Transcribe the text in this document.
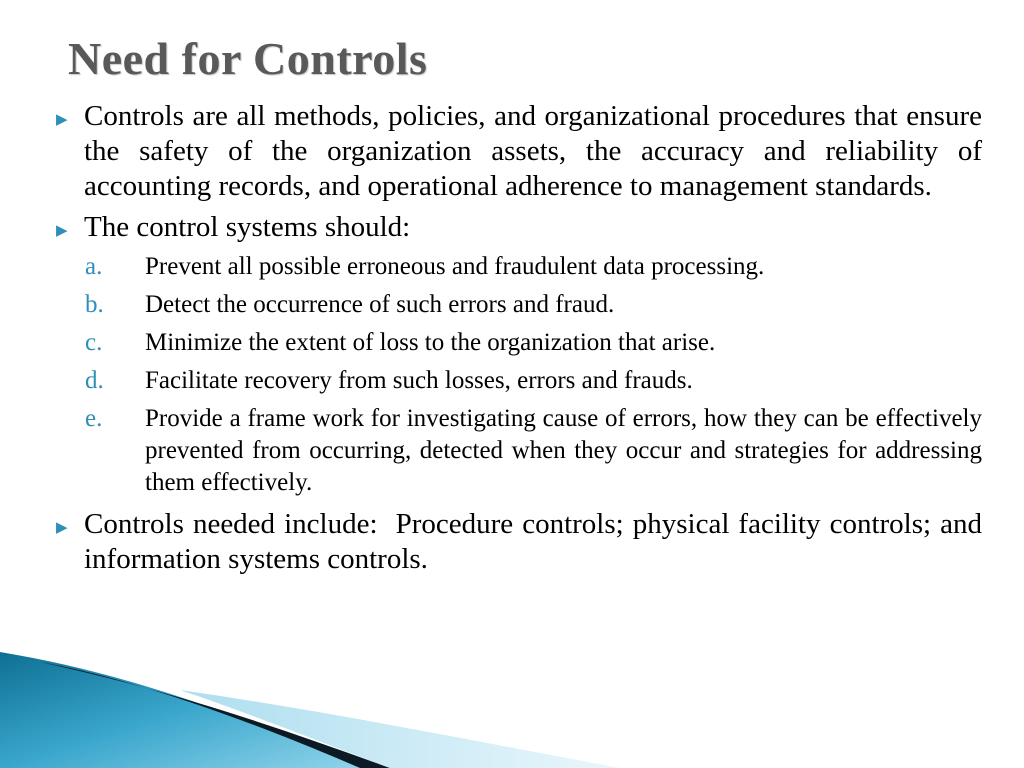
Need for Controls
▶ Controls are all methods, policies, and organizational procedures that ensure the safety of the organization assets, the accuracy and reliability of accounting records, and operational adherence to management standards.
▶ The control systems should:
a.	Prevent all possible erroneous and fraudulent data processing.
b.	Detect the occurrence of such errors and fraud.
c.	Minimize the extent of loss to the organization that arise.
d.	Facilitate recovery from such losses, errors and frauds.
e.	Provide a frame work for investigating cause of errors, how they can be effectively prevented from occurring, detected when they occur and strategies for addressing them effectively.
▶ Controls needed include:  Procedure controls; physical facility controls; and information systems controls.
